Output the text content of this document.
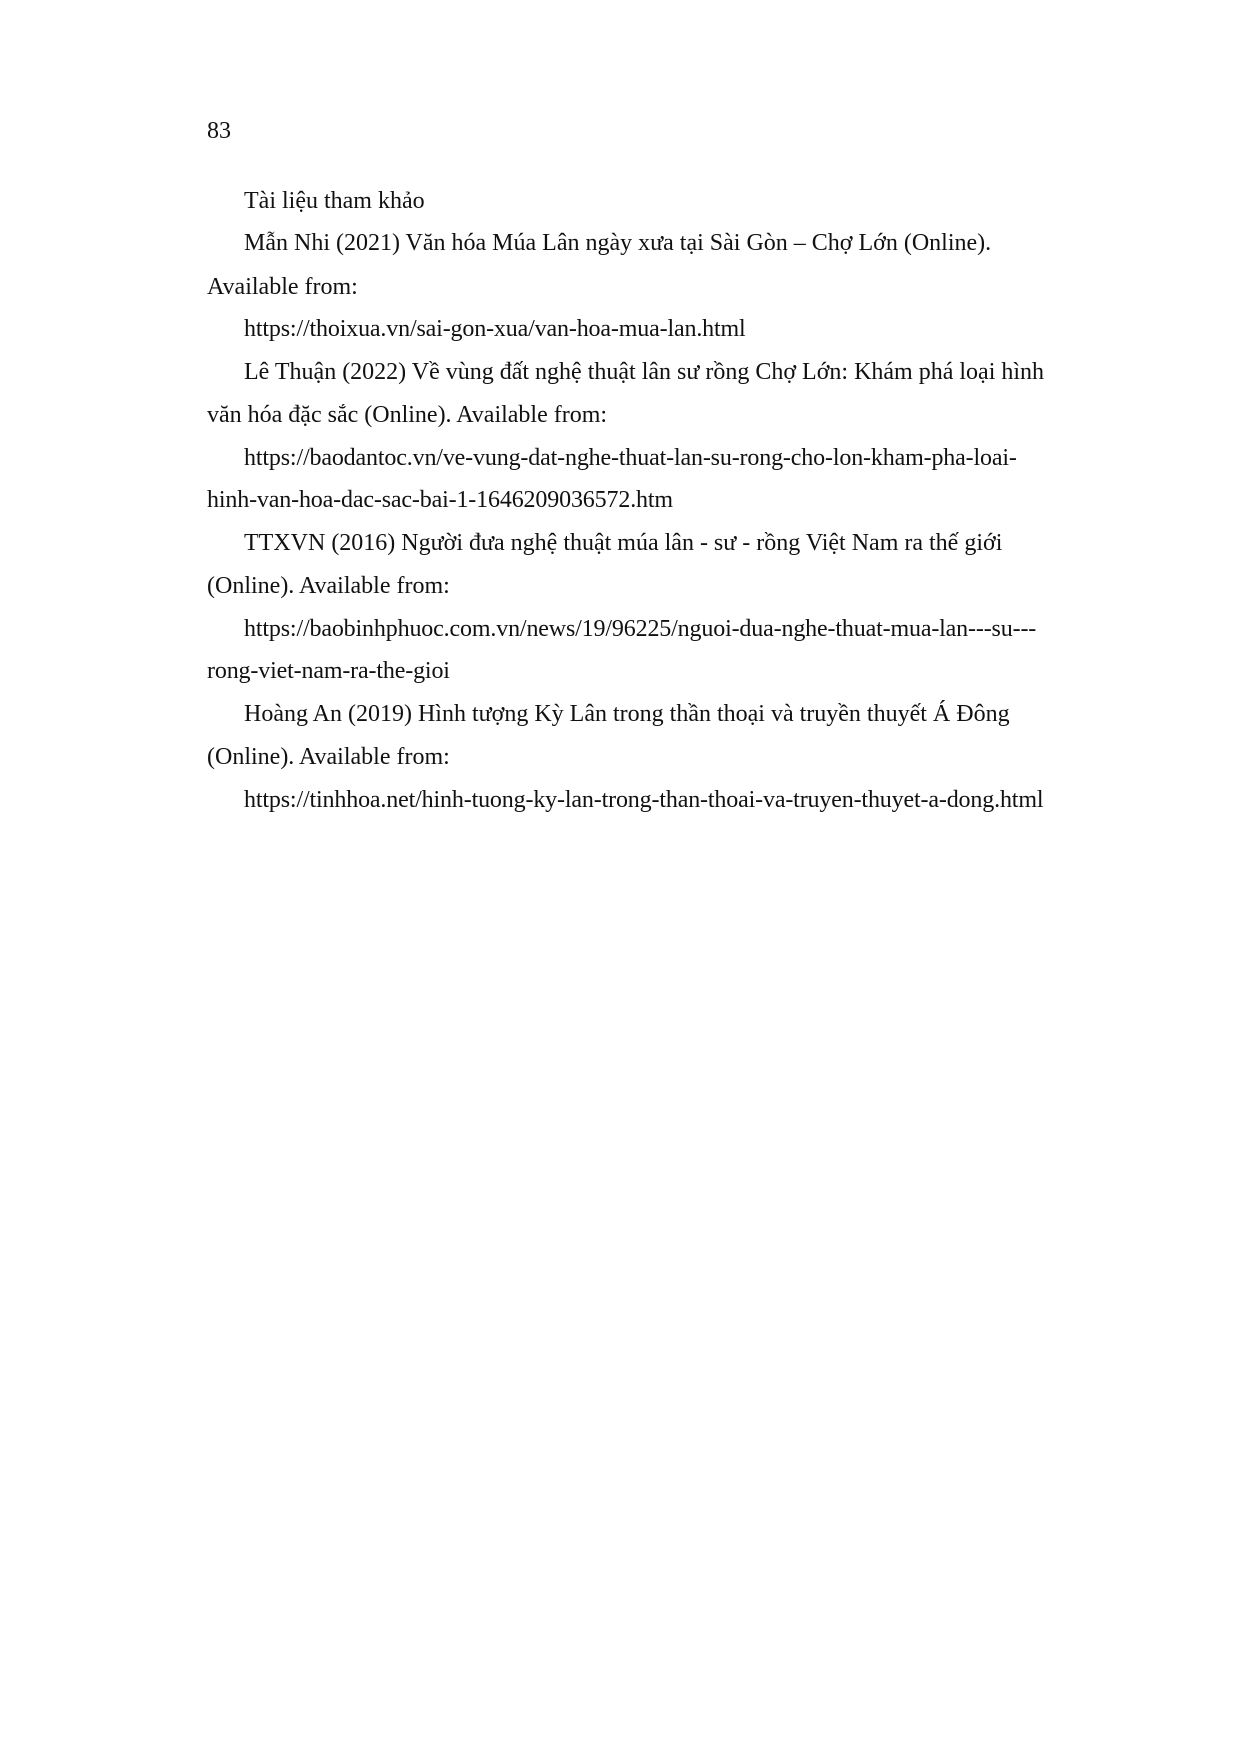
83
Tài liệu tham khảo
Mẫn Nhi (2021) Văn hóa Múa Lân ngày xưa tại Sài Gòn – Chợ Lớn (Online).
Available from:
https://thoixua.vn/sai-gon-xua/van-hoa-mua-lan.html
Lê Thuận (2022) Về vùng đất nghệ thuật lân sư rồng Chợ Lớn: Khám phá loại hình
văn hóa đặc sắc (Online). Available from:
https://baodantoc.vn/ve-vung-dat-nghe-thuat-lan-su-rong-cho-lon-kham-pha-loai-
hinh-van-hoa-dac-sac-bai-1-1646209036572.htm
TTXVN (2016) Người đưa nghệ thuật múa lân - sư - rồng Việt Nam ra thế giới
(Online). Available from:
https://baobinhphuoc.com.vn/news/19/96225/nguoi-dua-nghe-thuat-mua-lan---su---
rong-viet-nam-ra-the-gioi
Hoàng An (2019) Hình tượng Kỳ Lân trong thần thoại và truyền thuyết Á Đông
(Online). Available from:
https://tinhhoa.net/hinh-tuong-ky-lan-trong-than-thoai-va-truyen-thuyet-a-dong.html
